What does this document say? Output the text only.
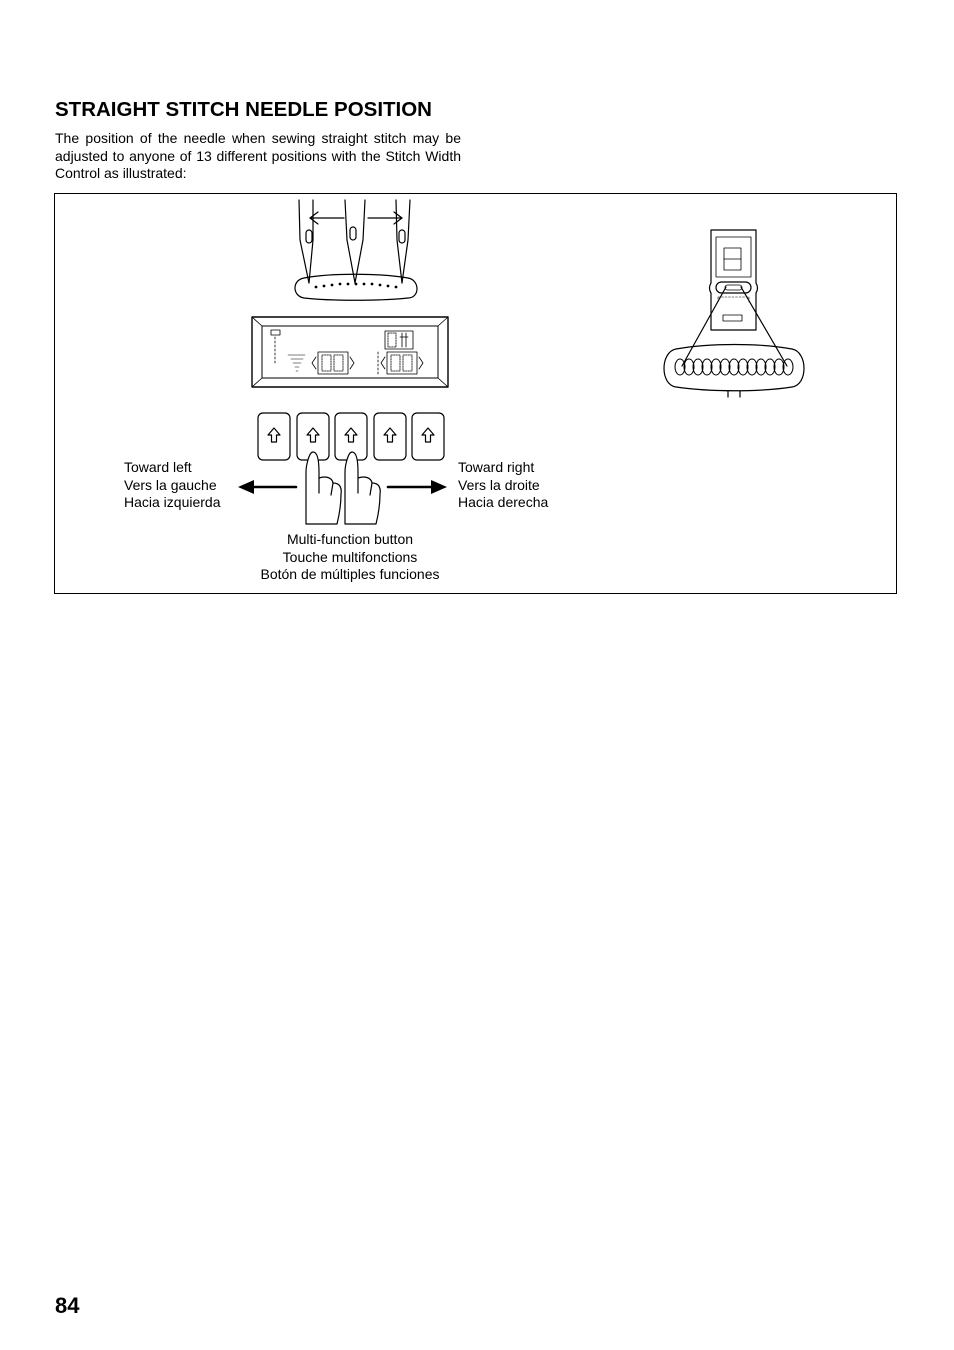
STRAIGHT STITCH NEEDLE POSITION

The position of the needle when sewing straight stitch may be adjusted to anyone of 13 different positions with the Stitch Width Control as illustrated:

Toward left
Vers la gauche
Hacia izquierda
Toward right
Vers la droite
Hacia derecha
Multi-function button
Touche multifonctions
Botón de múltiples funciones

84
